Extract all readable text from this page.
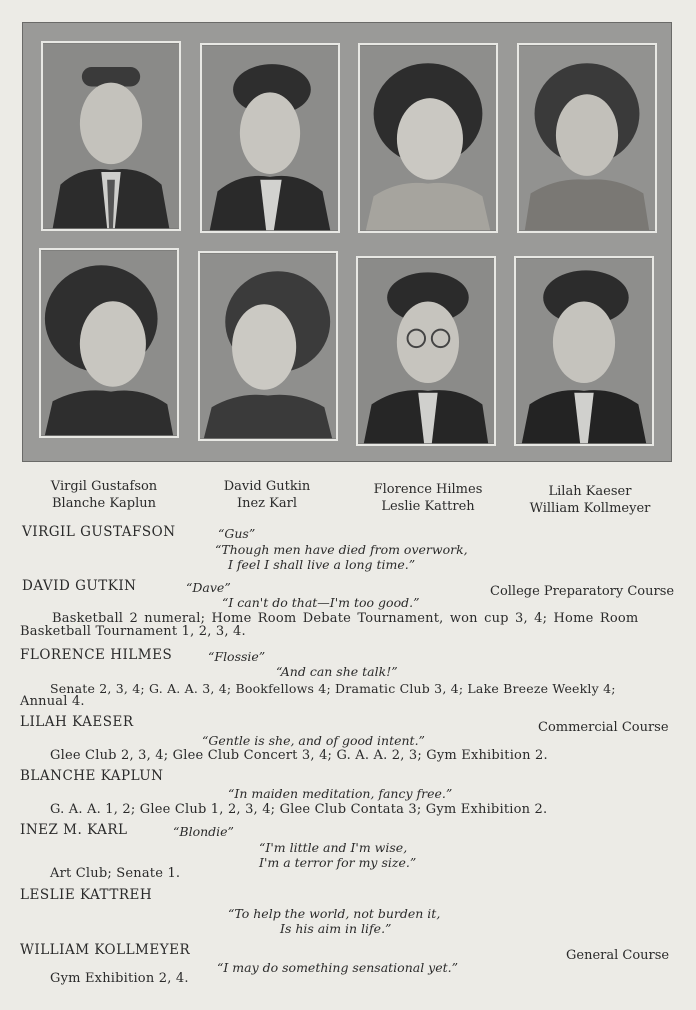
Virgil Gustafson
Blanche Kaplun
David Gutkin
Inez Karl
Florence Hilmes
Leslie Kattreh
Lilah Kaeser
William Kollmeyer
VIRGIL GUSTAFSON	“Gus”
“Though men have died from overwork,
I feel I shall live a long time.”
DAVID GUTKIN	“Dave”	College Preparatory Course
“I can't do that—I'm too good.”
Basketball 2 numeral; Home Room Debate Tournament, won cup 3, 4; Home Room
Basketball Tournament 1, 2, 3, 4.
FLORENCE HILMES	“Flossie”
“And can she talk!”
Senate 2, 3, 4; G. A. A. 3, 4; Bookfellows 4; Dramatic Club 3, 4; Lake Breeze Weekly 4;
Annual 4.
LILAH KAESER	Commercial Course
“Gentle is she, and of good intent.”
Glee Club 2, 3, 4; Glee Club Concert 3, 4; G. A. A. 2, 3; Gym Exhibition 2.
BLANCHE KAPLUN
“In maiden meditation, fancy free.”
G. A. A. 1, 2; Glee Club 1, 2, 3, 4; Glee Club Contata 3; Gym Exhibition 2.
INEZ M. KARL	“Blondie”
“I'm little and I'm wise,
I'm a terror for my size.”
Art Club; Senate 1.
LESLIE KATTREH
“To help the world, not burden it,
Is his aim in life.”
WILLIAM KOLLMEYER	General Course
“I may do something sensational yet.”
Gym Exhibition 2, 4.
